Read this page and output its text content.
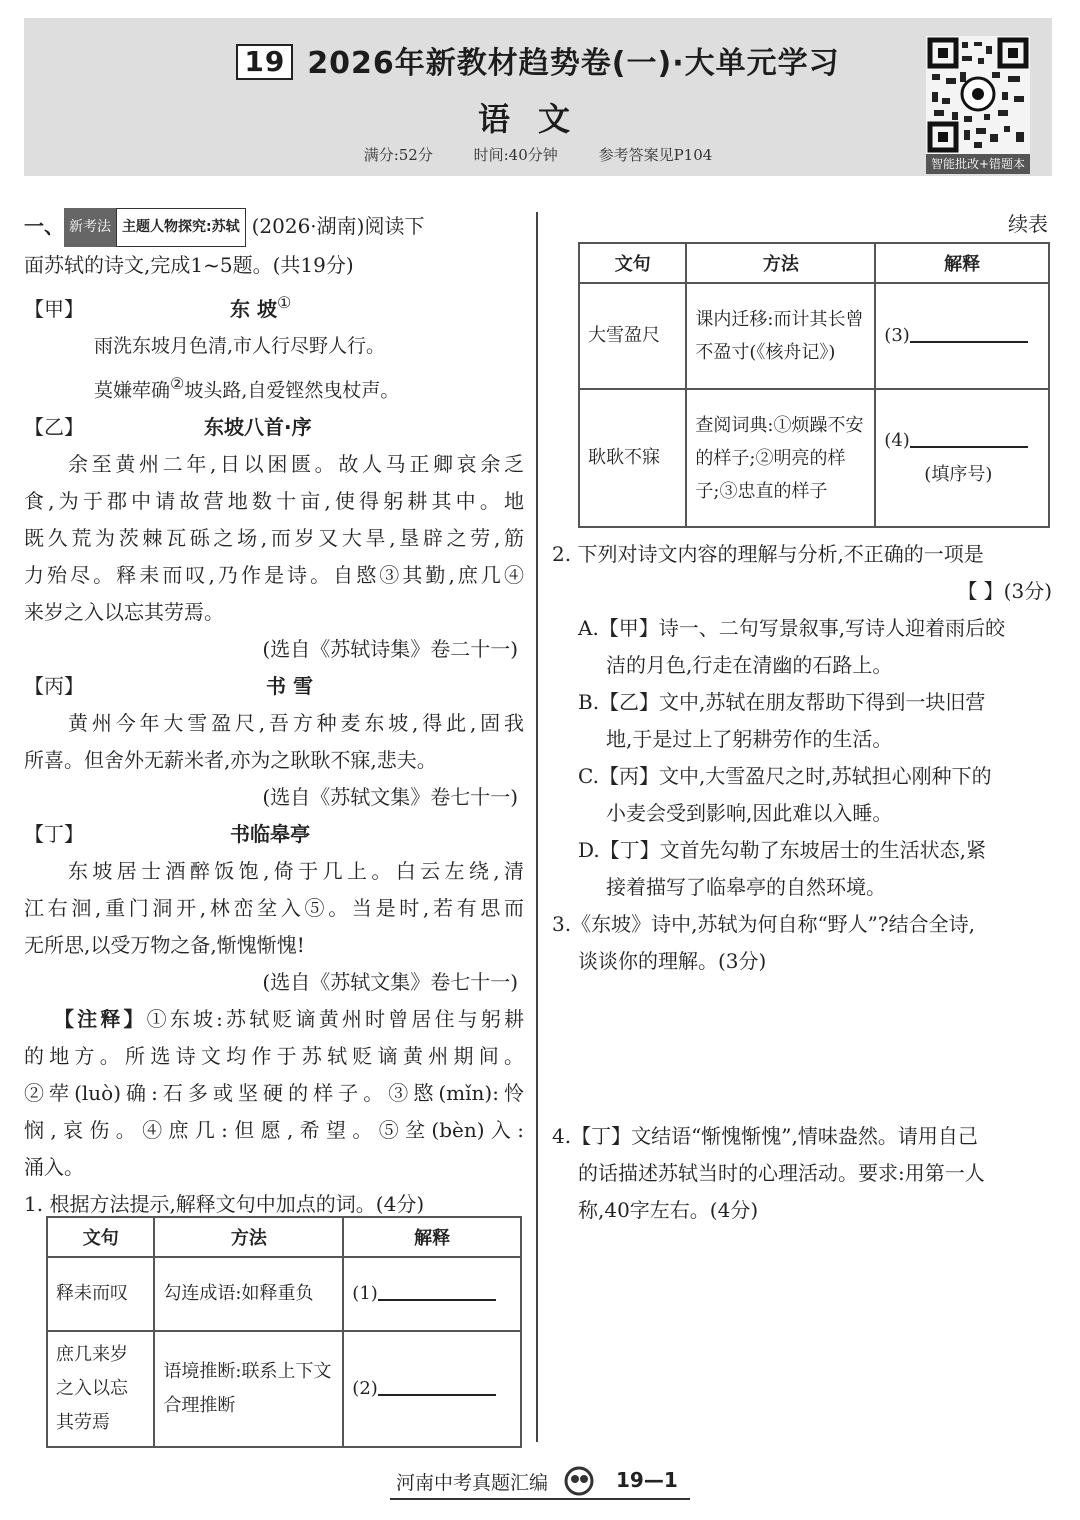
19 2026年新教材趋势卷(一)·大单元学习
语文
满分:52分	时间:40分钟	参考答案见P104	智能批改+错题本

一、 新考法 主题人物探究:苏轼 (2026·湖南)阅读下

面苏轼的诗文,完成1~5题。(共19分)

【甲】	东 坡①

雨洗东坡月色清,市人行尽野人行。

莫嫌荦确②坡头路,自爱铿然曳杖声。

【乙】	东坡八首·序

余至黄州二年,日以困匮。故人马正卿哀余乏

食,为于郡中请故营地数十亩,使得躬耕其中。地

既久荒为茨棘瓦砾之场,而岁又大旱,垦辟之劳,筋

力殆尽。释耒而叹,乃作是诗。自愍③其勤,庶几④

来岁之入以忘其劳焉。

(选自《苏轼诗集》卷二十一)

【丙】	书 雪

黄州今年大雪盈尺,吾方种麦东坡,得此,固我

所喜。但舍外无薪米者,亦为之耿耿不寐,悲夫。

(选自《苏轼文集》卷七十一)

【丁】	书临皋亭

东坡居士酒醉饭饱,倚于几上。白云左绕,清

江右洄,重门洞开,林峦坌入⑤。当是时,若有思而

无所思,以受万物之备,惭愧惭愧!

(选自《苏轼文集》卷七十一)

【注释】①东坡:苏轼贬谪黄州时曾居住与躬耕

的地方。所选诗文均作于苏轼贬谪黄州期间。

②荦(luò)确:石多或坚硬的样子。③愍(mǐn):怜

悯,哀伤。④庶几:但愿,希望。⑤坌(bèn)入:

涌入。

1. 根据方法提示,解释文句中加点的词。(4分)

文句	方法	解释
释耒而叹	勾连成语:如释重负	(1)
庶几来岁之入以忘其劳焉	语境推断:联系上下文合理推断	(2)
续表
文句	方法	解释
大雪盈尺	课内迁移:而计其长曾不盈寸(《核舟记》)	(3)
耿耿不寐	查阅词典:①烦躁不安的样子;②明亮的样子;③忠直的样子	(4)
(填序号)

2. 下列对诗文内容的理解与分析,不正确的一项是

【 】(3分)

A.【甲】诗一、二句写景叙事,写诗人迎着雨后皎

洁的月色,行走在清幽的石路上。

B.【乙】文中,苏轼在朋友帮助下得到一块旧营

地,于是过上了躬耕劳作的生活。

C.【丙】文中,大雪盈尺之时,苏轼担心刚种下的

小麦会受到影响,因此难以入睡。

D.【丁】文首先勾勒了东坡居士的生活状态,紧

接着描写了临皋亭的自然环境。

3.《东坡》诗中,苏轼为何自称“野人”?结合全诗,

谈谈你的理解。(3分)

4.【丁】文结语“惭愧惭愧”,情味盎然。请用自己

的话描述苏轼当时的心理活动。要求:用第一人

称,40字左右。(4分)

河南中考真题汇编	19—1
